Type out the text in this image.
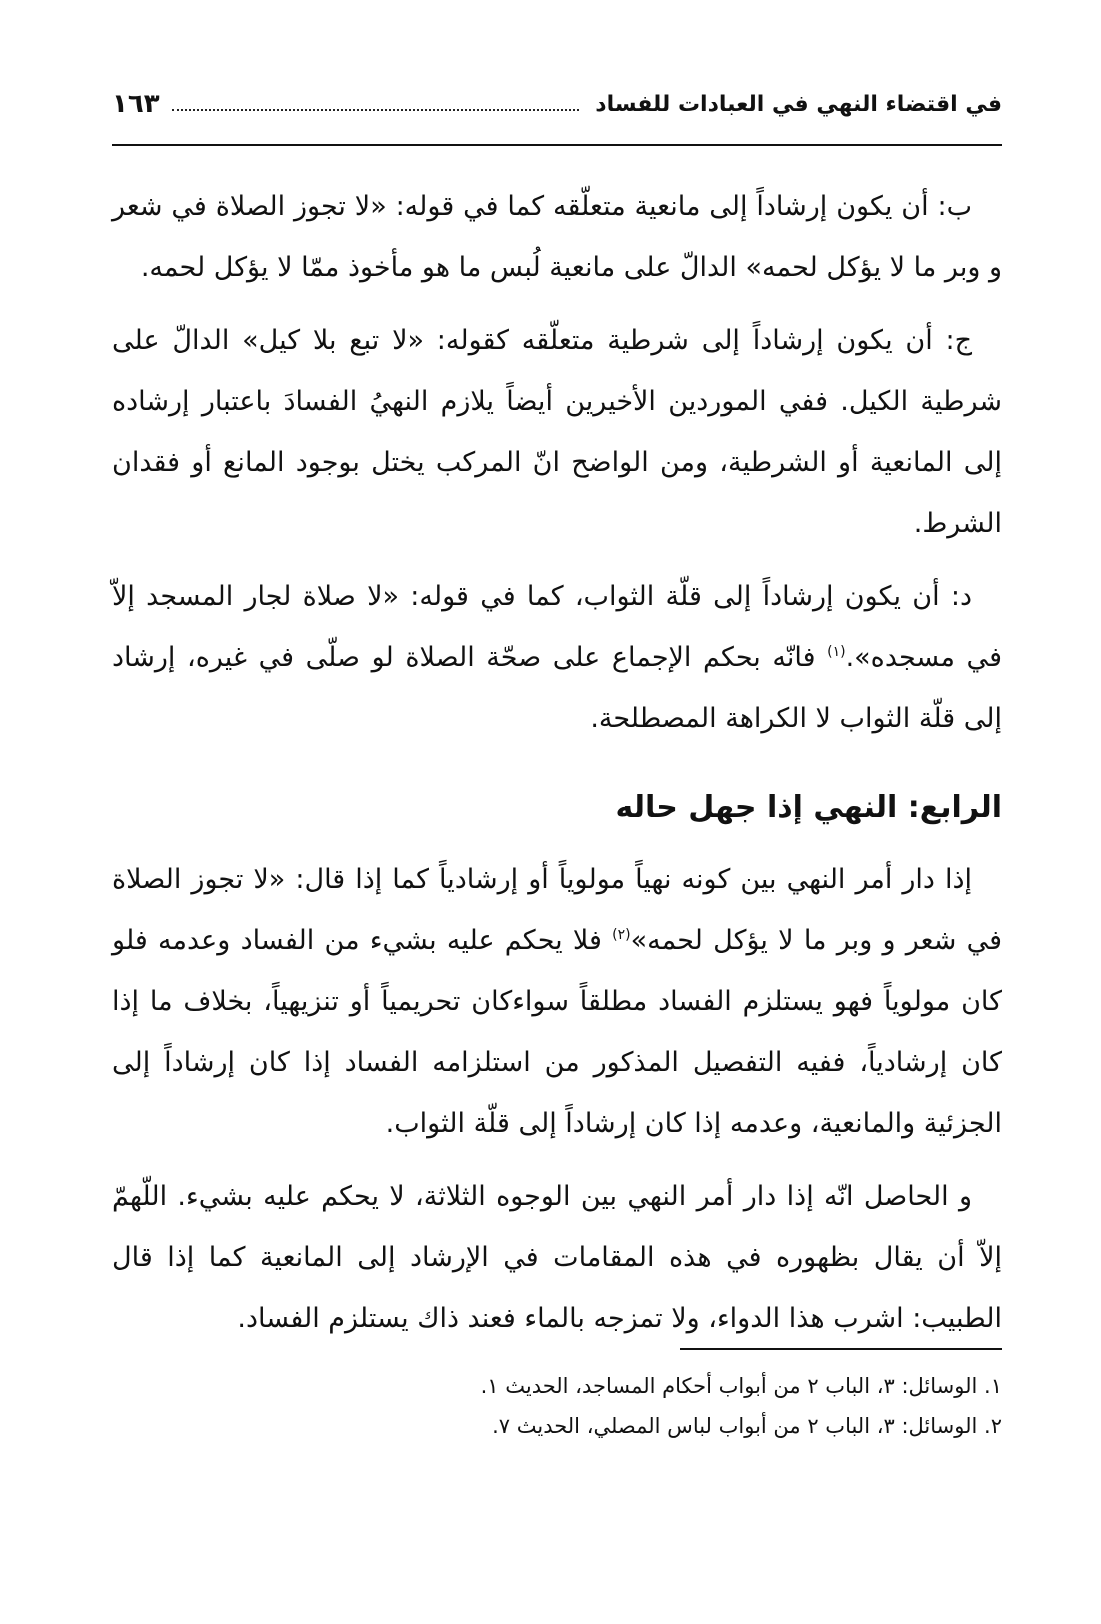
في اقتضاء النهي في العبادات للفساد
١٦٣

ب: أن يكون إرشاداً إلى مانعية متعلّقه كما في قوله: «لا تجوز الصلاة في شعر و وبر ما لا يؤكل لحمه» الدالّ على مانعية لُبس ما هو مأخوذ ممّا لا يؤكل لحمه.

ج: أن يكون إرشاداً إلى شرطية متعلّقه كقوله: «لا تبع بلا كيل» الدالّ على شرطية الكيل. ففي الموردين الأخيرين أيضاً يلازم النهيُ الفسادَ باعتبار إرشاده إلى المانعية أو الشرطية، ومن الواضح انّ المركب يختل بوجود المانع أو فقدان الشرط.

د: أن يكون إرشاداً إلى قلّة الثواب، كما في قوله: «لا صلاة لجار المسجد إلاّ في مسجده».$^{(١)}$ فانّه بحكم الإجماع على صحّة الصلاة لو صلّى في غيره، إرشاد إلى قلّة الثواب لا الكراهة المصطلحة.

الرابع: النهي إذا جهل حاله

إذا دار أمر النهي بين كونه نهياً مولوياً أو إرشادياً كما إذا قال: «لا تجوز الصلاة في شعر و وبر ما لا يؤكل لحمه»$^{(٢)}$ فلا يحكم عليه بشيء من الفساد وعدمه فلو كان مولوياً فهو يستلزم الفساد مطلقاً سواءكان تحريمياً أو تنزيهياً، بخلاف ما إذا كان إرشادياً، ففيه التفصيل المذكور من استلزامه الفساد إذا كان إرشاداً إلى الجزئية والمانعية، وعدمه إذا كان إرشاداً إلى قلّة الثواب.

و الحاصل انّه إذا دار أمر النهي بين الوجوه الثلاثة، لا يحكم عليه بشيء. اللّهمّ إلاّ أن يقال بظهوره في هذه المقامات في الإرشاد إلى المانعية كما إذا قال الطبيب: اشرب هذا الدواء، ولا تمزجه بالماء فعند ذاك يستلزم الفساد.

١. الوسائل: ٣، الباب ٢ من أبواب أحكام المساجد، الحديث ١.

٢. الوسائل: ٣، الباب ٢ من أبواب لباس المصلي، الحديث ٧.
